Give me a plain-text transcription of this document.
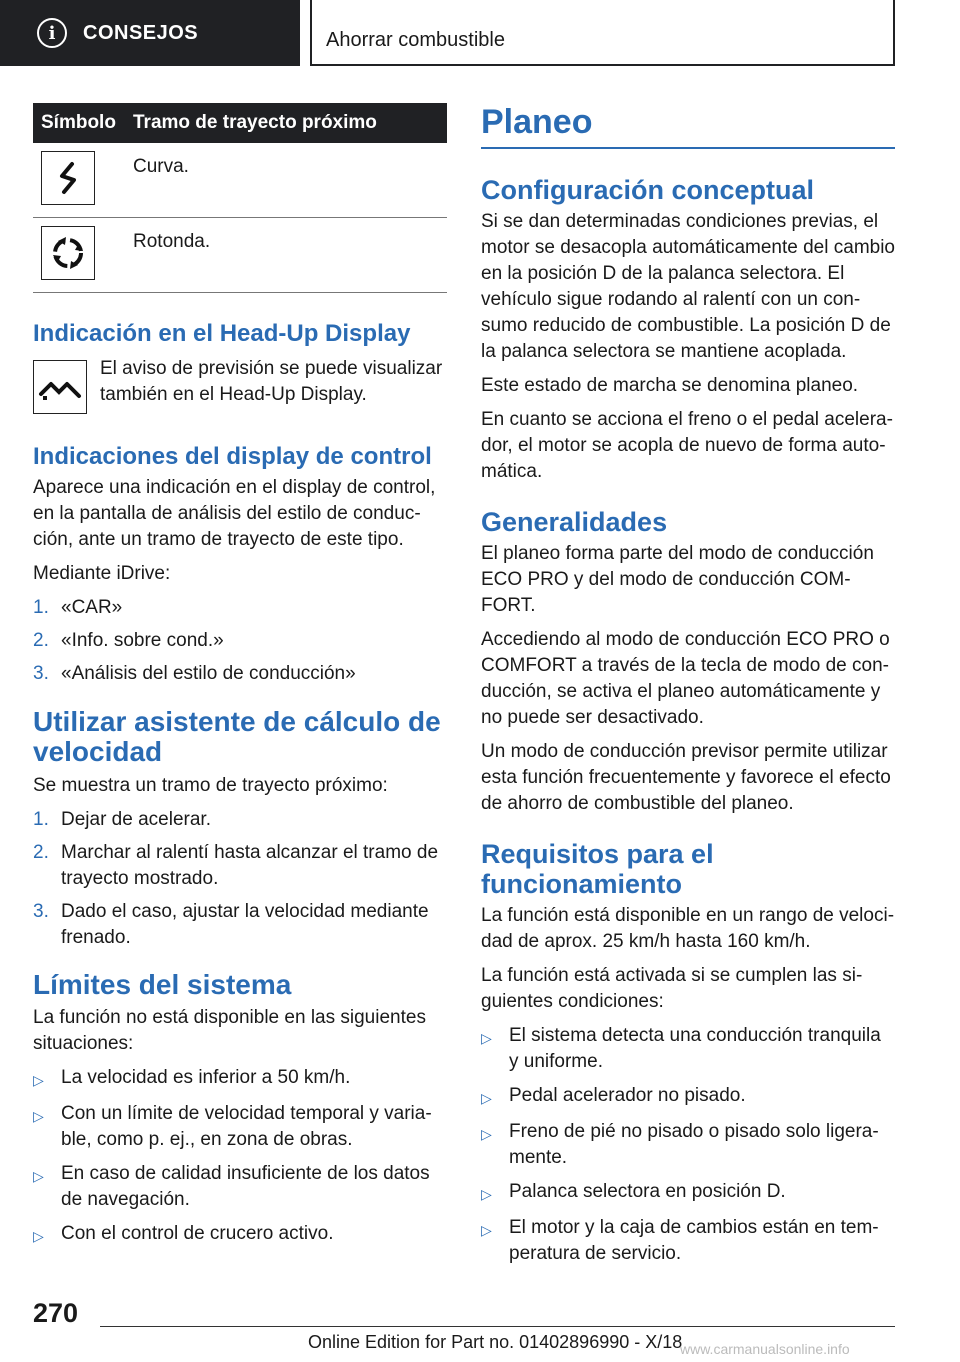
i	CONSEJOS	Ahorrar combustible
Símbolo Tramo de trayecto próximo
Curva.
Rotonda.
Indicación en el Head-Up Display

El aviso de previsión se puede visualizar también en el Head-Up Display.

Indicaciones del display de control

Aparece una indicación en el display de control, en la pantalla de análisis del estilo de conducción, ante un tramo de trayecto de este tipo.

Mediante iDrive:

1. «CAR»
2. «Info. sobre cond.»
3. «Análisis del estilo de conducción»
Utilizar asistente de cálculo de velocidad

Se muestra un tramo de trayecto próximo:

1. Dejar de acelerar.
2. Marchar al ralentí hasta alcanzar el tramo de trayecto mostrado.
3. Dado el caso, ajustar la velocidad mediante frenado.
Límites del sistema

La función no está disponible en las siguientes situaciones:

▷ La velocidad es inferior a 50 km/h.
▷ Con un límite de velocidad temporal y variable, como p. ej., en zona de obras.
▷ En caso de calidad insuficiente de los datos de navegación.
▷ Con el control de crucero activo.
Planeo
Configuración conceptual

Si se dan determinadas condiciones previas, el motor se desacopla automáticamente del cambio en la posición D de la palanca selectora. El vehículo sigue rodando al ralentí con un consumo reducido de combustible. La posición D de la palanca selectora se mantiene acoplada.

Este estado de marcha se denomina planeo.

En cuanto se acciona el freno o el pedal acelerador, el motor se acopla de nuevo de forma automática.

Generalidades

El planeo forma parte del modo de conducción ECO PRO y del modo de conducción COMFORT.

Accediendo al modo de conducción ECO PRO o COMFORT a través de la tecla de modo de conducción, se activa el planeo automáticamente y no puede ser desactivado.

Un modo de conducción previsor permite utilizar esta función frecuentemente y favorece el efecto de ahorro de combustible del planeo.

Requisitos para el funcionamiento

La función está disponible en un rango de velocidad de aprox. 25 km/h hasta 160 km/h.

La función está activada si se cumplen las siguientes condiciones:

▷ El sistema detecta una conducción tranquila y uniforme.
▷ Pedal acelerador no pisado.
▷ Freno de pié no pisado o pisado solo ligeramente.
▷ Palanca selectora en posición D.
▷ El motor y la caja de cambios están en temperatura de servicio.
270
Online Edition for Part no. 01402896990 - X/18
www.carmanualsonline.info
